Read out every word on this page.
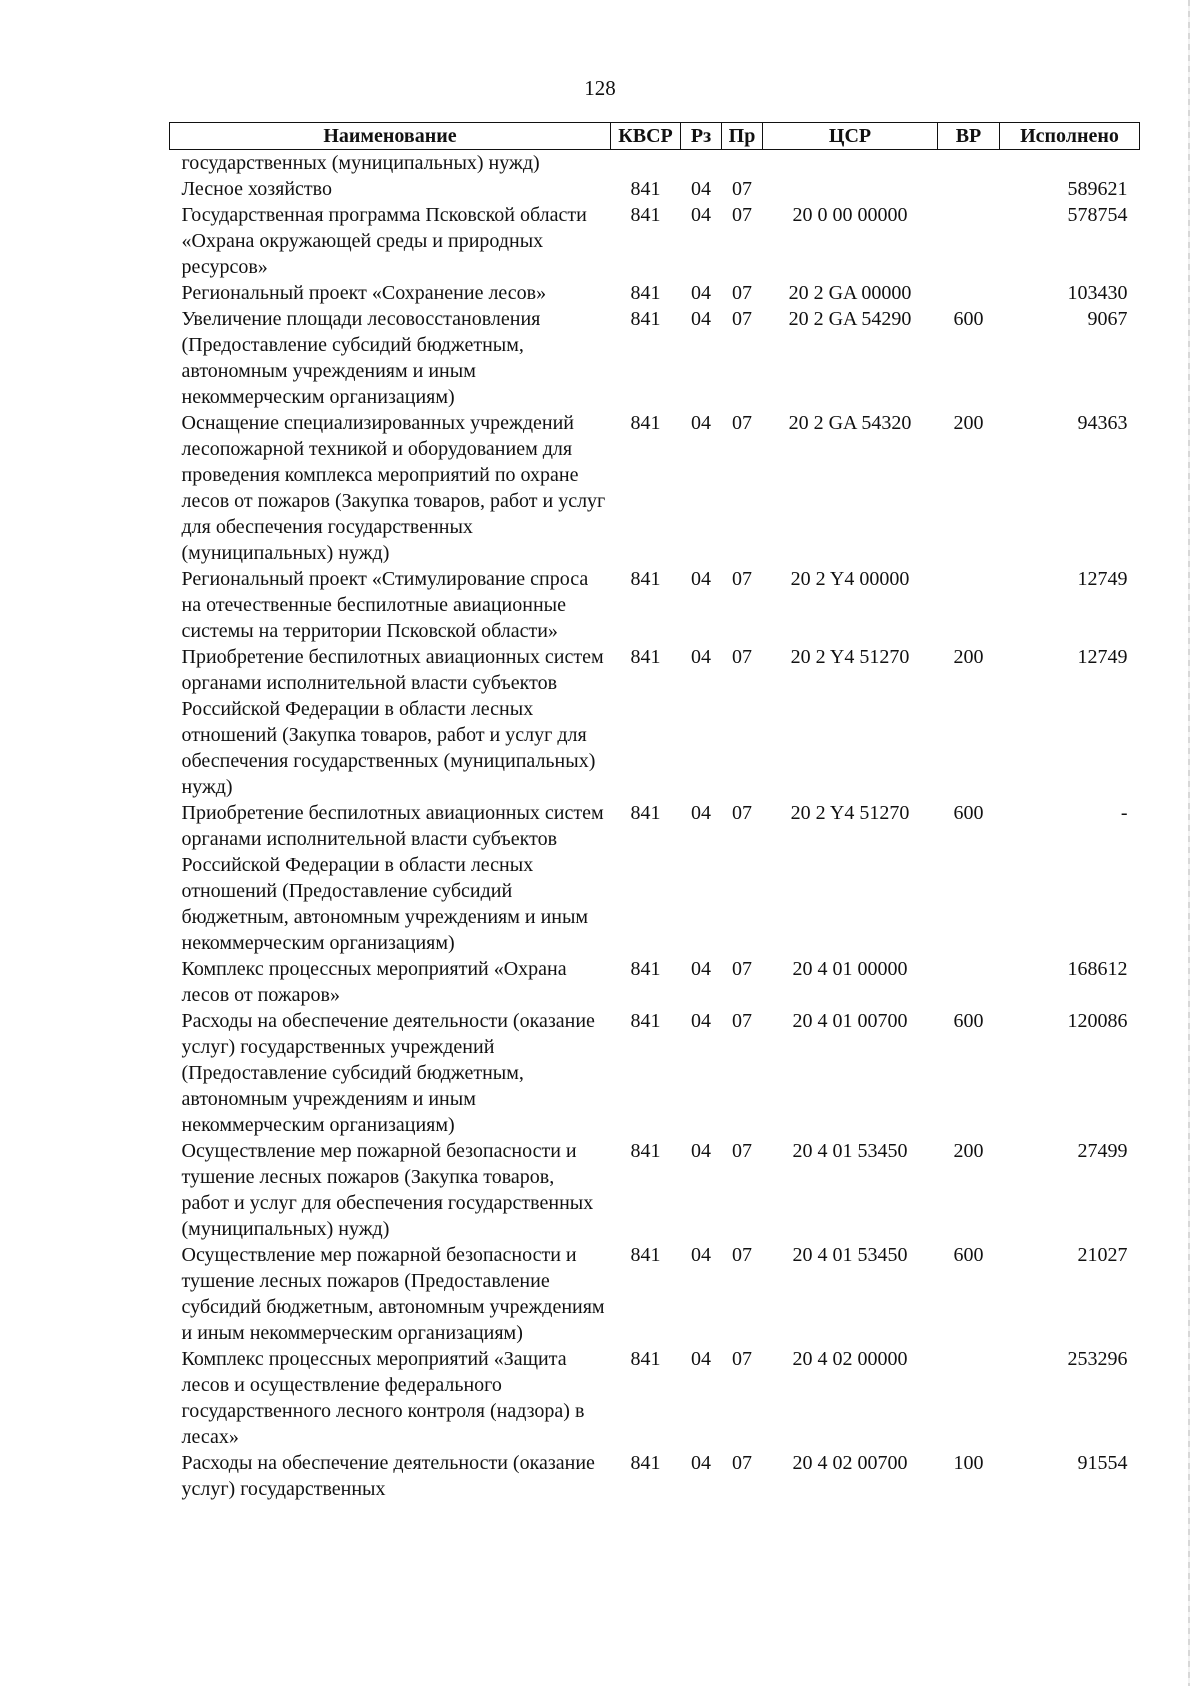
128
Наименование	КВСР	Рз	Пр	ЦСР	ВР	Исполнено
государственных (муниципальных) нужд)						
Лесное хозяйство	841	04	07			589621
Государственная программа Псковской области «Охрана окружающей среды и природных ресурсов»	841	04	07	20 0 00 00000		578754
Региональный проект «Сохранение лесов»	841	04	07	20 2 GA 00000		103430
Увеличение площади лесовосстановления (Предоставление субсидий бюджетным, автономным учреждениям и иным некоммерческим организациям)	841	04	07	20 2 GA 54290	600	9067
Оснащение специализированных учреждений лесопожарной техникой и оборудованием для проведения комплекса мероприятий по охране лесов от пожаров (Закупка товаров, работ и услуг для обеспечения государственных (муниципальных) нужд)	841	04	07	20 2 GA 54320	200	94363
Региональный проект «Стимулирование спроса на отечественные беспилотные авиационные системы на территории Псковской области»	841	04	07	20 2 Y4 00000		12749
Приобретение беспилотных авиационных систем органами исполнительной власти субъектов Российской Федерации в области лесных отношений (Закупка товаров, работ и услуг для обеспечения государственных (муниципальных) нужд)	841	04	07	20 2 Y4 51270	200	12749
Приобретение беспилотных авиационных систем органами исполнительной власти субъектов Российской Федерации в области лесных отношений (Предоставление субсидий бюджетным, автономным учреждениям и иным некоммерческим организациям)	841	04	07	20 2 Y4 51270	600	-
Комплекс процессных мероприятий «Охрана лесов от пожаров»	841	04	07	20 4 01 00000		168612
Расходы на обеспечение деятельности (оказание услуг) государственных учреждений (Предоставление субсидий бюджетным, автономным учреждениям и иным некоммерческим организациям)	841	04	07	20 4 01 00700	600	120086
Осуществление мер пожарной безопасности и тушение лесных пожаров (Закупка товаров, работ и услуг для обеспечения государственных (муниципальных) нужд)	841	04	07	20 4 01 53450	200	27499
Осуществление мер пожарной безопасности и тушение лесных пожаров (Предоставление субсидий бюджетным, автономным учреждениям и иным некоммерческим организациям)	841	04	07	20 4 01 53450	600	21027
Комплекс процессных мероприятий «Защита лесов и осуществление федерального государственного лесного контроля (надзора) в лесах»	841	04	07	20 4 02 00000		253296
Расходы на обеспечение деятельности (оказание услуг) государственных	841	04	07	20 4 02 00700	100	91554
